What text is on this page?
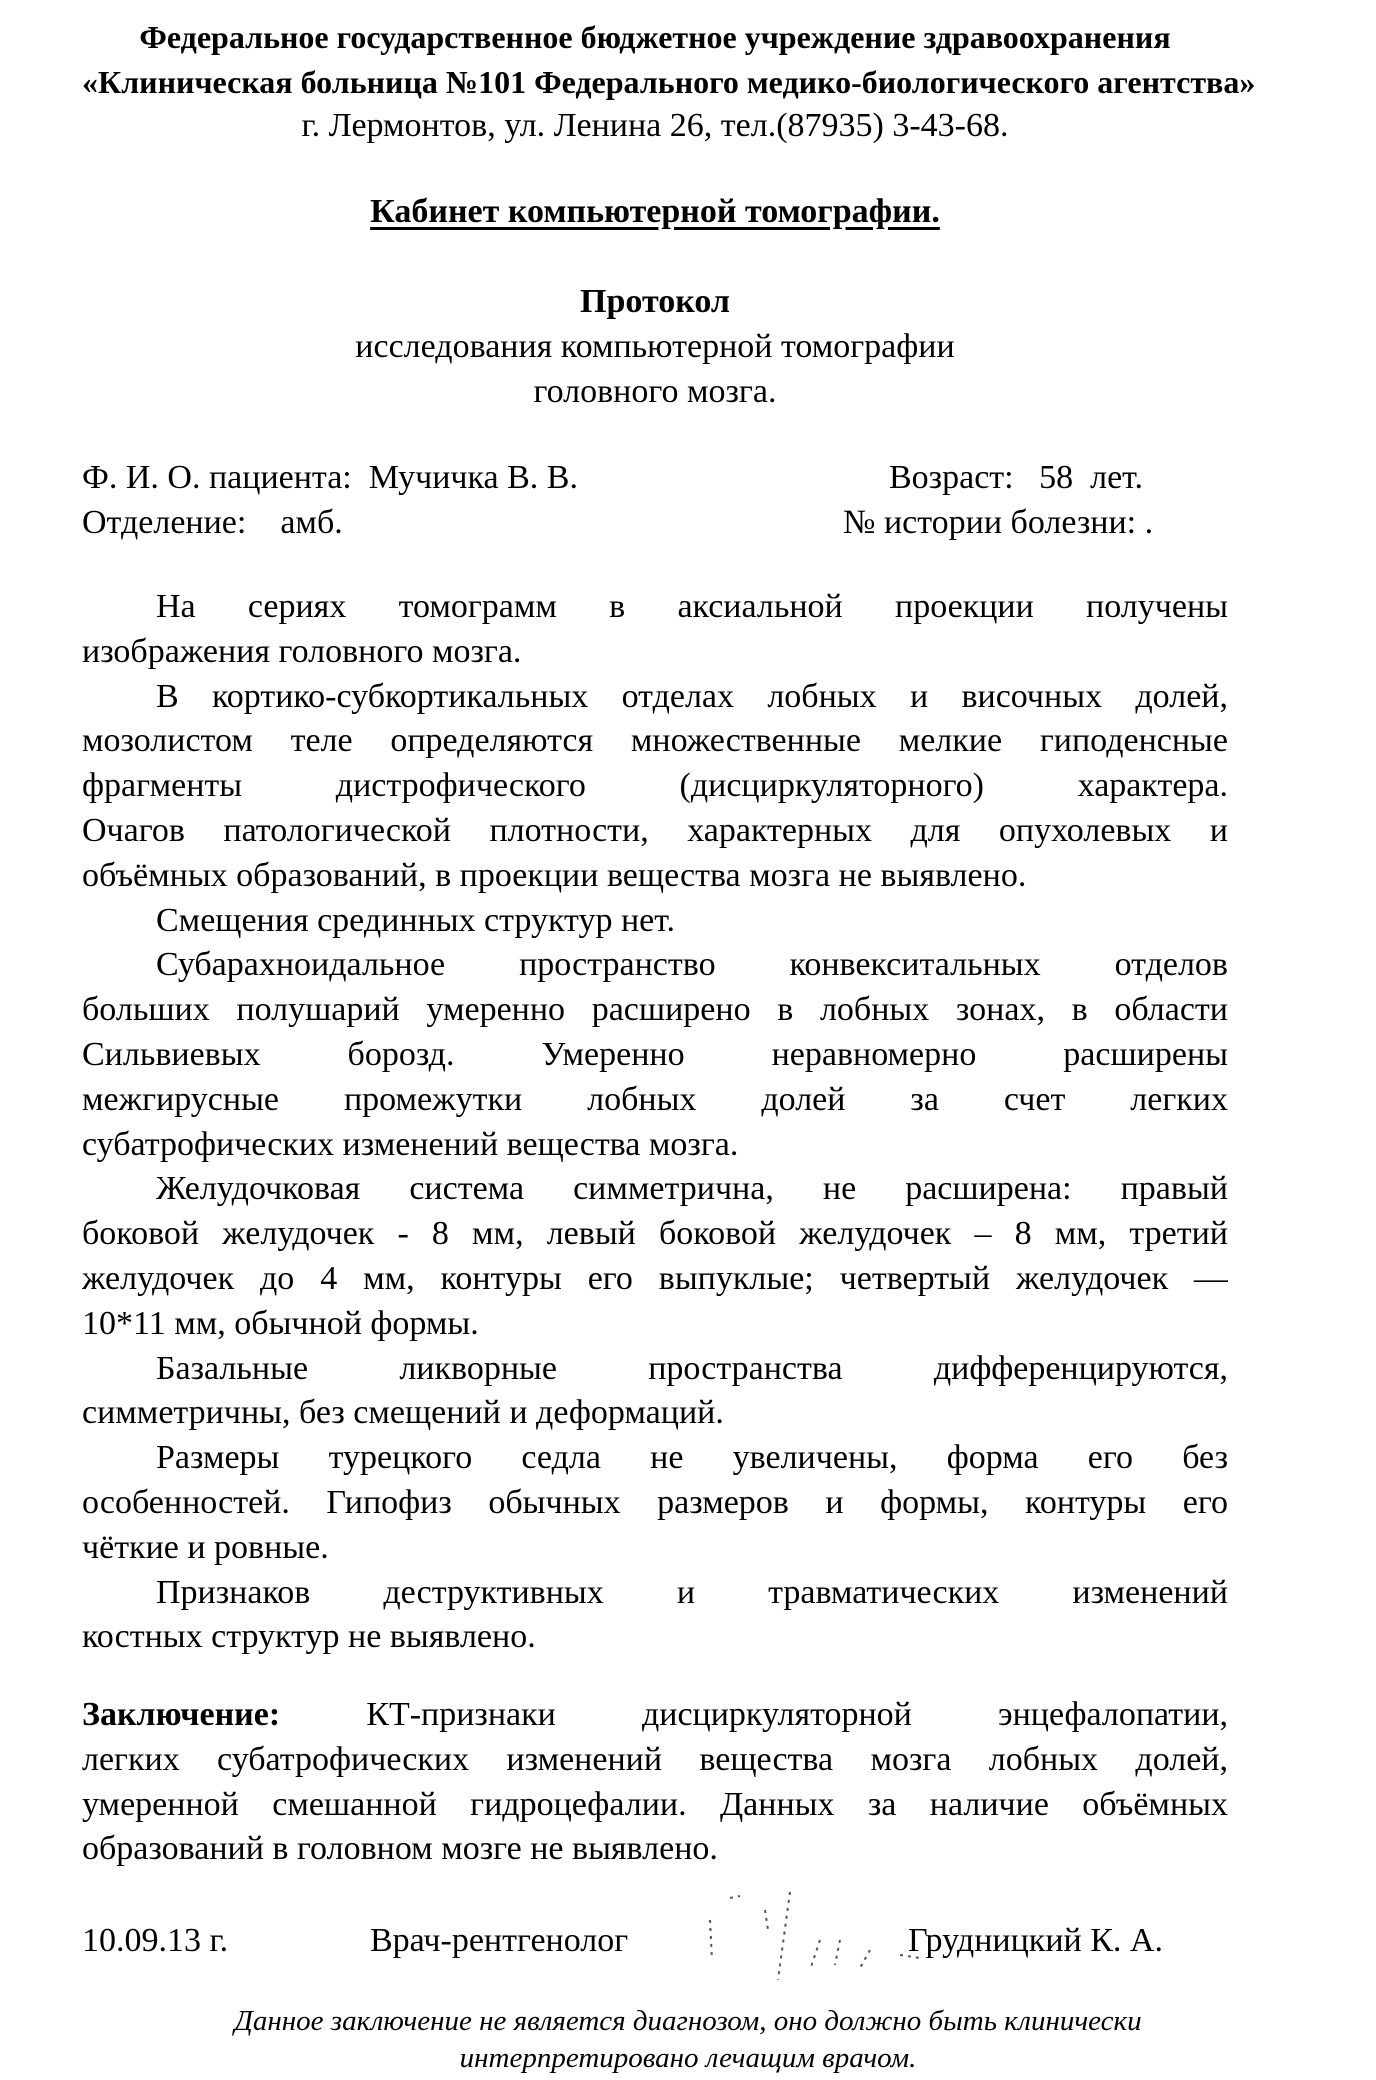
Федеральное государственное бюджетное учреждение здравоохранения
«Клиническая больница №101 Федерального медико-биологического агентства»
г. Лермонтов, ул. Ленина 26, тел.(87935) 3-43-68.
Кабинет компьютерной томографии.
Протокол
исследования компьютерной томографии
головного мозга.
Ф. И. О. пациента: Мучичка В. В.	Возраст: 58 лет.
Отделение: амб.	№ истории болезни: .
На серияx томограмм в аксиальной проекции получены
изображения головного мозга.
В кортико-субкортикальных отделах лобных и височных долей,
мозолистом теле определяются множественные мелкие гиподенсные
фрагменты дистрофического (дисциркуляторного) характера.
Очагов патологической плотности, характерных для опухолевых и
объёмных образований, в проекции вещества мозга не выявлено.
Смещения срединных структур нет.
Субарахноидальное пространство конвекситальных отделов
больших полушарий умеренно расширено в лобных зонах, в области
Сильвиевых борозд. Умеренно неравномерно расширены
межгирусные промежутки лобных долей за счет легких
субатрофических изменений вещества мозга.
Желудочковая система симметрична, не расширена: правый
боковой желудочек - 8 мм, левый боковой желудочек – 8 мм, третий
желудочек до 4 мм, контуры его выпуклые; четвертый желудочек —
10*11 мм, обычной формы.
Базальные ликворные пространства дифференцируются,
симметричны, без смещений и деформаций.
Размеры турецкого седла не увеличены, форма его без
особенностей. Гипофиз обычных размеров и формы, контуры его
чёткие и ровные.
Признаков деструктивных и травматических изменений
костных структур не выявлено.
Заключение:	КТ-признаки дисциркуляторной энцефалопатии,
легких субатрофических изменений вещества мозга лобных долей,
умеренной смешанной гидроцефалии. Данных за наличие объёмных
образований в головном мозге не выявлено.
10.09.13 г.	Врач-рентгенолог	Грудницкий К. А.
Данное заключение не является диагнозом, оно должно быть клинически
интерпретировано лечащим врачом.
